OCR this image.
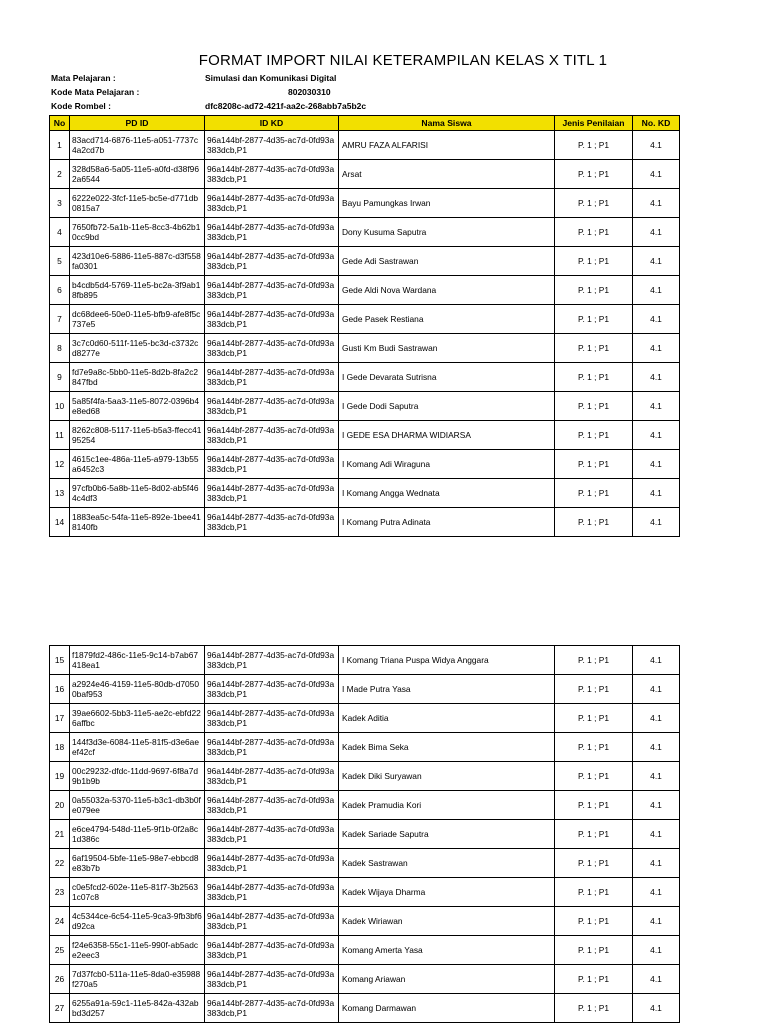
FORMAT IMPORT NILAI KETERAMPILAN KELAS X TITL 1
Mata Pelajaran :	Simulasi dan Komunikasi Digital
Kode Mata Pelajaran :	802030310
Kode Rombel :	dfc8208c-ad72-421f-aa2c-268abb7a5b2c
No	PD ID	ID KD	Nama Siswa	Jenis Penilaian	No. KD
1	83acd714-6876-11e5-a051-7737c4a2cd7b	96a144bf-2877-4d35-ac7d-0fd93a383dcb,P1	AMRU FAZA ALFARISI	P. 1 ; P1	4.1
2	328d58a6-5a05-11e5-a0fd-d38f962a6544	96a144bf-2877-4d35-ac7d-0fd93a383dcb,P1	Arsat	P. 1 ; P1	4.1
3	6222e022-3fcf-11e5-bc5e-d771db0815a7	96a144bf-2877-4d35-ac7d-0fd93a383dcb,P1	Bayu Pamungkas Irwan	P. 1 ; P1	4.1
4	7650fb72-5a1b-11e5-8cc3-4b62b10cc9bd	96a144bf-2877-4d35-ac7d-0fd93a383dcb,P1	Dony Kusuma Saputra	P. 1 ; P1	4.1
5	423d10e6-5886-11e5-887c-d3f558fa0301	96a144bf-2877-4d35-ac7d-0fd93a383dcb,P1	Gede Adi Sastrawan	P. 1 ; P1	4.1
6	b4cdb5d4-5769-11e5-bc2a-3f9ab18fb895	96a144bf-2877-4d35-ac7d-0fd93a383dcb,P1	Gede Aldi Nova Wardana	P. 1 ; P1	4.1
7	dc68dee6-50e0-11e5-bfb9-afe8f5c737e5	96a144bf-2877-4d35-ac7d-0fd93a383dcb,P1	Gede Pasek Restiana	P. 1 ; P1	4.1
8	3c7c0d60-511f-11e5-bc3d-c3732cd8277e	96a144bf-2877-4d35-ac7d-0fd93a383dcb,P1	Gusti Km Budi Sastrawan	P. 1 ; P1	4.1
9	fd7e9a8c-5bb0-11e5-8d2b-8fa2c2847fbd	96a144bf-2877-4d35-ac7d-0fd93a383dcb,P1	I Gede Devarata Sutrisna	P. 1 ; P1	4.1
10	5a85f4fa-5aa3-11e5-8072-0396b4e8ed68	96a144bf-2877-4d35-ac7d-0fd93a383dcb,P1	I Gede Dodi Saputra	P. 1 ; P1	4.1
11	8262c808-5117-11e5-b5a3-ffecc4195254	96a144bf-2877-4d35-ac7d-0fd93a383dcb,P1	I GEDE ESA DHARMA WIDIARSA	P. 1 ; P1	4.1
12	4615c1ee-486a-11e5-a979-13b55a6452c3	96a144bf-2877-4d35-ac7d-0fd93a383dcb,P1	I Komang Adi Wiraguna	P. 1 ; P1	4.1
13	97cfb0b6-5a8b-11e5-8d02-ab5f464c4df3	96a144bf-2877-4d35-ac7d-0fd93a383dcb,P1	I Komang Angga Wednata	P. 1 ; P1	4.1
14	1883ea5c-54fa-11e5-892e-1bee418140fb	96a144bf-2877-4d35-ac7d-0fd93a383dcb,P1	I Komang Putra Adinata	P. 1 ; P1	4.1
15	f1879fd2-486c-11e5-9c14-b7ab67418ea1	96a144bf-2877-4d35-ac7d-0fd93a383dcb,P1	I Komang Triana Puspa Widya Anggara	P. 1 ; P1	4.1
16	a2924e46-4159-11e5-80db-d70500baf953	96a144bf-2877-4d35-ac7d-0fd93a383dcb,P1	I Made Putra Yasa	P. 1 ; P1	4.1
17	39ae6602-5bb3-11e5-ae2c-ebfd226affbc	96a144bf-2877-4d35-ac7d-0fd93a383dcb,P1	Kadek Aditia	P. 1 ; P1	4.1
18	144f3d3e-6084-11e5-81f5-d3e6aeef42cf	96a144bf-2877-4d35-ac7d-0fd93a383dcb,P1	Kadek Bima Seka	P. 1 ; P1	4.1
19	00c29232-dfdc-11dd-9697-6f8a7d9b1b9b	96a144bf-2877-4d35-ac7d-0fd93a383dcb,P1	Kadek Diki Suryawan	P. 1 ; P1	4.1
20	0a55032a-5370-11e5-b3c1-db3b0fe079ee	96a144bf-2877-4d35-ac7d-0fd93a383dcb,P1	Kadek Pramudia Kori	P. 1 ; P1	4.1
21	e6ce4794-548d-11e5-9f1b-0f2a8c1d386c	96a144bf-2877-4d35-ac7d-0fd93a383dcb,P1	Kadek Sariade Saputra	P. 1 ; P1	4.1
22	6af19504-5bfe-11e5-98e7-ebbcd8e83b7b	96a144bf-2877-4d35-ac7d-0fd93a383dcb,P1	Kadek Sastrawan	P. 1 ; P1	4.1
23	c0e5fcd2-602e-11e5-81f7-3b25631c07c8	96a144bf-2877-4d35-ac7d-0fd93a383dcb,P1	Kadek Wijaya Dharma	P. 1 ; P1	4.1
24	4c5344ce-6c54-11e5-9ca3-9fb3bf6d92ca	96a144bf-2877-4d35-ac7d-0fd93a383dcb,P1	Kadek Wiriawan	P. 1 ; P1	4.1
25	f24e6358-55c1-11e5-990f-ab5adce2eec3	96a144bf-2877-4d35-ac7d-0fd93a383dcb,P1	Komang Amerta Yasa	P. 1 ; P1	4.1
26	7d37fcb0-511a-11e5-8da0-e35988f270a5	96a144bf-2877-4d35-ac7d-0fd93a383dcb,P1	Komang Ariawan	P. 1 ; P1	4.1
27	6255a91a-59c1-11e5-842a-432abbd3d257	96a144bf-2877-4d35-ac7d-0fd93a383dcb,P1	Komang Darmawan	P. 1 ; P1	4.1
